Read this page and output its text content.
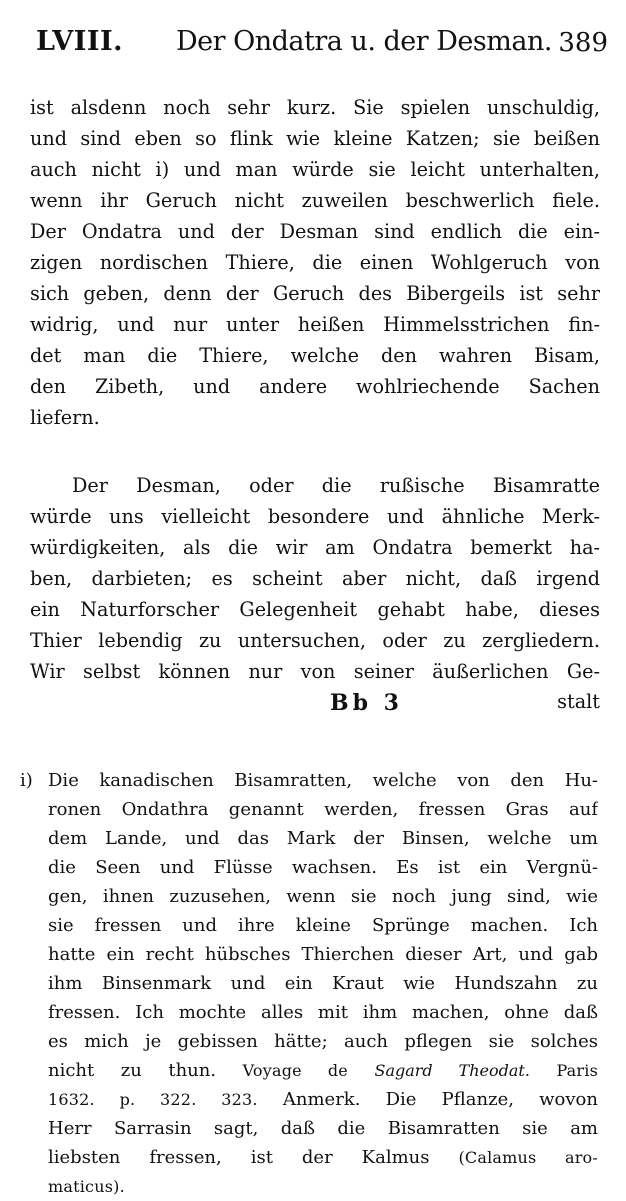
LVIII. Der Ondatra u. der Desman. 389
ist alsdenn noch sehr kurz. Sie spielen unschuldig,
und sind eben so flink wie kleine Katzen; sie beißen
auch nicht i) und man würde sie leicht unterhalten,
wenn ihr Geruch nicht zuweilen beschwerlich fiele.
Der Ondatra und der Desman sind endlich die ein-
zigen nordischen Thiere, die einen Wohlgeruch von
sich geben, denn der Geruch des Bibergeils ist sehr
widrig, und nur unter heißen Himmelsstrichen fin-
det man die Thiere, welche den wahren Bisam,
den Zibeth, und andere wohlriechende Sachen
liefern.
Der Desman, oder die rußische Bisamratte
würde uns vielleicht besondere und ähnliche Merk-
würdigkeiten, als die wir am Ondatra bemerkt ha-
ben, darbieten; es scheint aber nicht, daß irgend
ein Naturforscher Gelegenheit gehabt habe, dieses
Thier lebendig zu untersuchen, oder zu zergliedern.
Wir selbst können nur von seiner äußerlichen Ge-
Bb 3	stalt
i) Die kanadischen Bisamratten, welche von den Hu-
ronen Ondathra genannt werden, fressen Gras auf
dem Lande, und das Mark der Binsen, welche um
die Seen und Flüsse wachsen. Es ist ein Vergnü-
gen, ihnen zuzusehen, wenn sie noch jung sind, wie
sie fressen und ihre kleine Sprünge machen. Ich
hatte ein recht hübsches Thierchen dieser Art, und gab
ihm Binsenmark und ein Kraut wie Hundszahn zu
fressen. Ich mochte alles mit ihm machen, ohne daß
es mich je gebissen hätte; auch pflegen sie solches
nicht zu thun. Voyage de Sagard Theodat. Paris
1632. p. 322. 323. Anmerk. Die Pflanze, wovon
Herr Sarrasin sagt, daß die Bisamratten sie am
liebsten fressen, ist der Kalmus (Calamus aro-
maticus).
